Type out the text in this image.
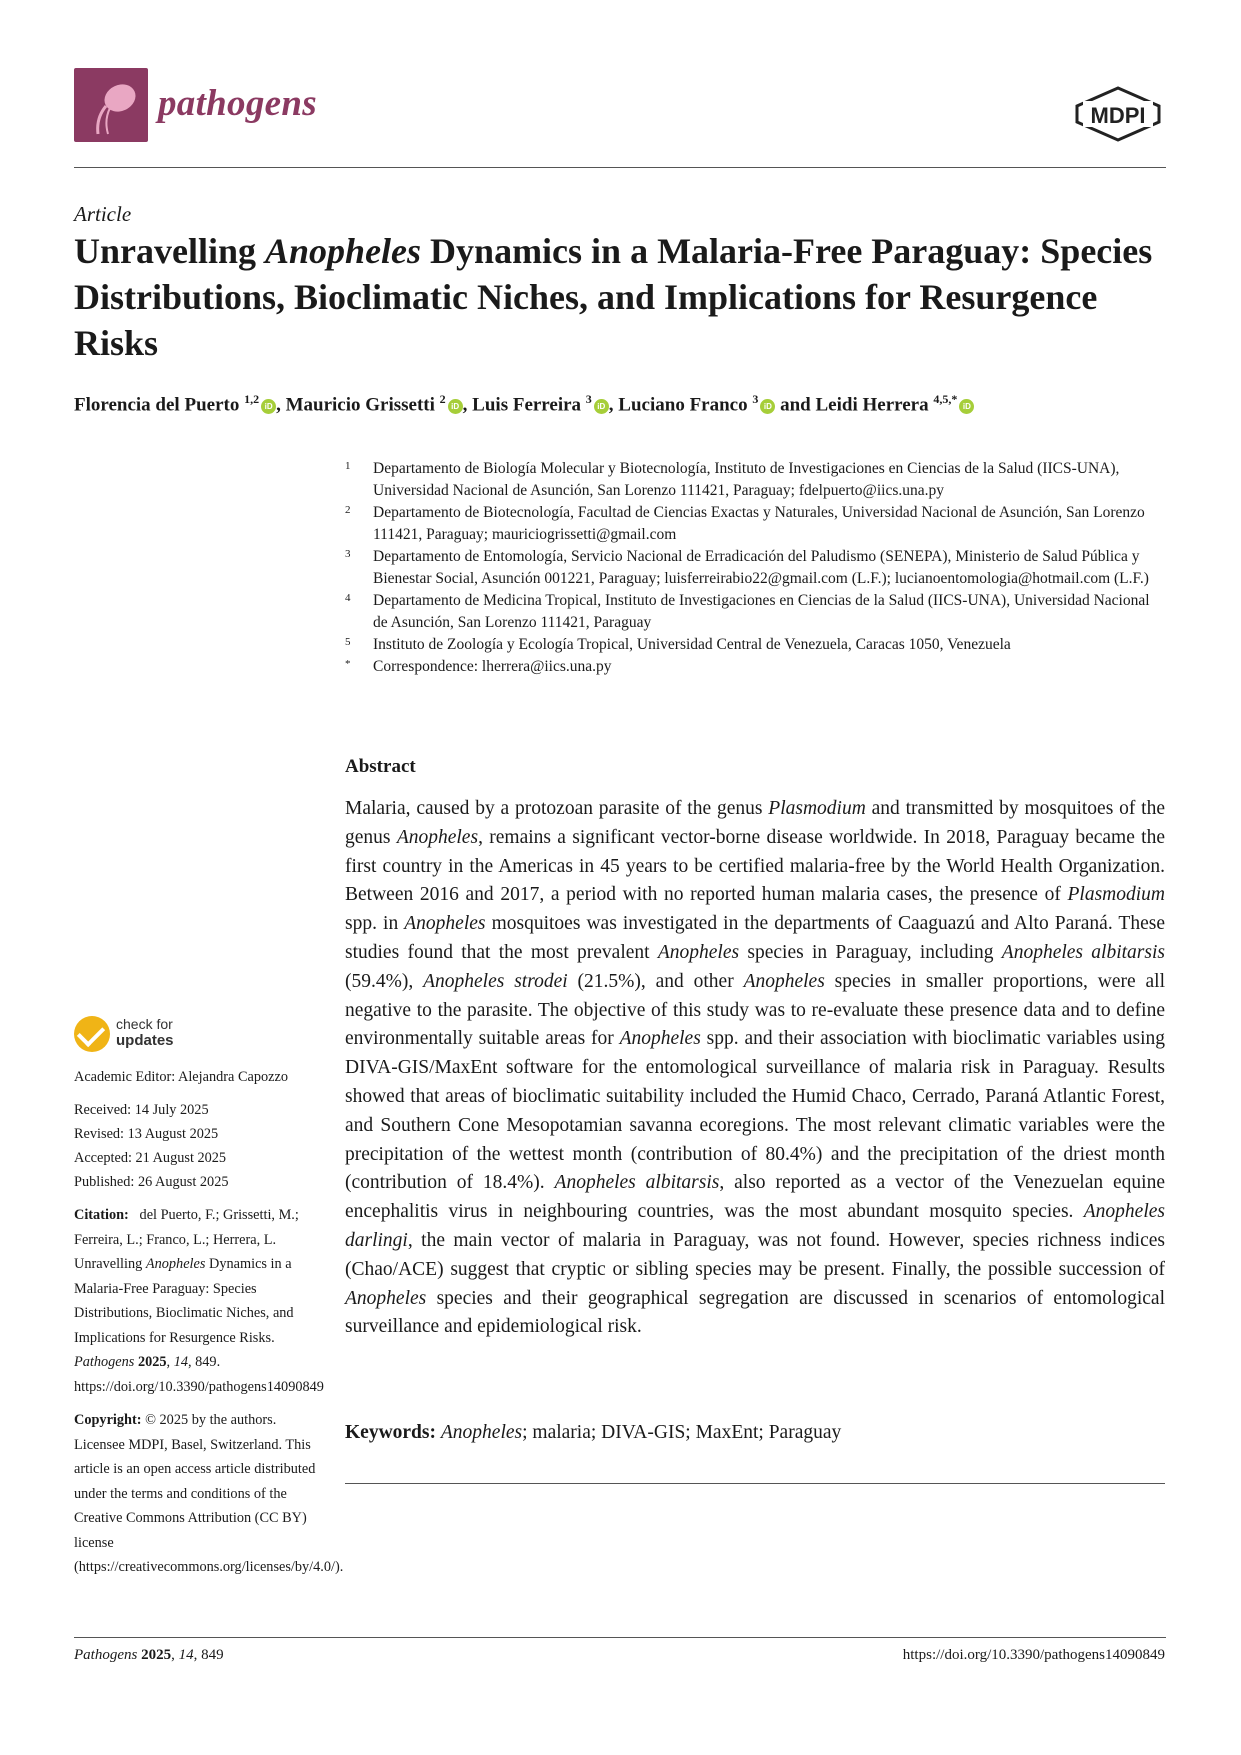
pathogens	MDPI
Article
Unravelling Anopheles Dynamics in a Malaria-Free Paraguay: Species Distributions, Bioclimatic Niches, and Implications for Resurgence Risks
Florencia del Puerto $^{1,2}$iD , Mauricio Grissetti $^2$iD , Luis Ferreira $^3$iD , Luciano Franco $^3$iD and Leidi Herrera $^{4,5,*}$iD
1	Departamento de Biología Molecular y Biotecnología, Instituto de Investigaciones en Ciencias de la Salud (IICS-UNA), Universidad Nacional de Asunción, San Lorenzo 111421, Paraguay; fdelpuerto@iics.una.py
2	Departamento de Biotecnología, Facultad de Ciencias Exactas y Naturales, Universidad Nacional de Asunción, San Lorenzo 111421, Paraguay; mauriciogrissetti@gmail.com
3	Departamento de Entomología, Servicio Nacional de Erradicación del Paludismo (SENEPA), Ministerio de Salud Pública y Bienestar Social, Asunción 001221, Paraguay; luisferreirabio22@gmail.com (L.F.); lucianoentomologia@hotmail.com (L.F.)
4	Departamento de Medicina Tropical, Instituto de Investigaciones en Ciencias de la Salud (IICS-UNA), Universidad Nacional de Asunción, San Lorenzo 111421, Paraguay
5	Instituto de Zoología y Ecología Tropical, Universidad Central de Venezuela, Caracas 1050, Venezuela
*	Correspondence: lherrera@iics.una.py
Abstract
Malaria, caused by a protozoan parasite of the genus Plasmodium and transmitted by mosquitoes of the genus Anopheles, remains a significant vector-borne disease worldwide. In 2018, Paraguay became the first country in the Americas in 45 years to be certified malaria-free by the World Health Organization. Between 2016 and 2017, a period with no reported human malaria cases, the presence of Plasmodium spp. in Anopheles mosquitoes was investigated in the departments of Caaguazú and Alto Paraná. These studies found that the most prevalent Anopheles species in Paraguay, including Anopheles albitarsis (59.4%), Anopheles strodei (21.5%), and other Anopheles species in smaller proportions, were all negative to the parasite. The objective of this study was to re-evaluate these presence data and to define environmentally suitable areas for Anopheles spp. and their association with bioclimatic variables using DIVA-GIS/MaxEnt software for the entomological surveillance of malaria risk in Paraguay. Results showed that areas of bioclimatic suitability included the Humid Chaco, Cerrado, Paraná Atlantic Forest, and Southern Cone Mesopotamian savanna ecoregions. The most relevant climatic variables were the precipitation of the wettest month (contribution of 80.4%) and the precipitation of the driest month (contribution of 18.4%). Anopheles albitarsis, also reported as a vector of the Venezuelan equine encephalitis virus in neighbouring countries, was the most abundant mosquito species. Anopheles darlingi, the main vector of malaria in Paraguay, was not found. However, species richness indices (Chao/ACE) suggest that cryptic or sibling species may be present. Finally, the possible succession of Anopheles species and their geographical segregation are discussed in scenarios of entomological surveillance and epidemiological risk.
Keywords: Anopheles; malaria; DIVA-GIS; MaxEnt; Paraguay
check for
updates
Academic Editor: Alejandra Capozzo
Received: 14 July 2025
Revised: 13 August 2025
Accepted: 21 August 2025
Published: 26 August 2025
Citation: del Puerto, F.; Grissetti, M.; Ferreira, L.; Franco, L.; Herrera, L. Unravelling Anopheles Dynamics in a Malaria-Free Paraguay: Species Distributions, Bioclimatic Niches, and Implications for Resurgence Risks. Pathogens 2025, 14, 849. https://doi.org/10.3390/pathogens14090849
Copyright: © 2025 by the authors. Licensee MDPI, Basel, Switzerland. This article is an open access article distributed under the terms and conditions of the Creative Commons Attribution (CC BY) license (https://creativecommons.org/licenses/by/4.0/).
Pathogens 2025, 14, 849	https://doi.org/10.3390/pathogens14090849
